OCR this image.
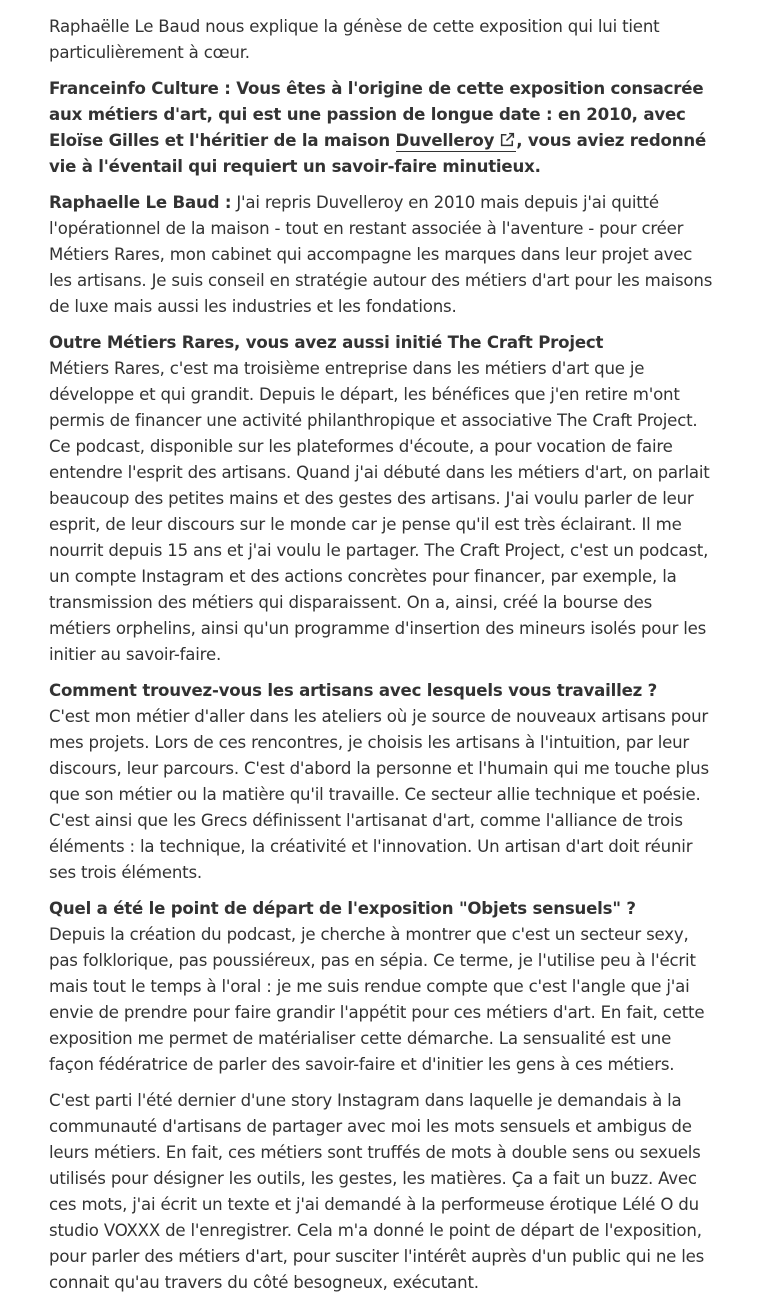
Raphaëlle Le Baud nous explique la génèse de cette exposition qui lui tient particulièrement à cœur.

Franceinfo Culture : Vous êtes à l'origine de cette exposition consacrée aux métiers d'art, qui est une passion de longue date : en 2010, avec Eloïse Gilles et l'héritier de la maison Duvelleroy , vous aviez redonné vie à l'éventail qui requiert un savoir-faire minutieux.

Raphaelle Le Baud : J'ai repris Duvelleroy en 2010 mais depuis j'ai quitté l'opérationnel de la maison - tout en restant associée à l'aventure - pour créer Métiers Rares, mon cabinet qui accompagne les marques dans leur projet avec les artisans. Je suis conseil en stratégie autour des métiers d'art pour les maisons de luxe mais aussi les industries et les fondations.

Outre Métiers Rares, vous avez aussi initié The Craft Project
Métiers Rares, c'est ma troisième entreprise dans les métiers d'art que je développe et qui grandit. Depuis le départ, les bénéfices que j'en retire m'ont permis de financer une activité philanthropique et associative The Craft Project. Ce podcast, disponible sur les plateformes d'écoute, a pour vocation de faire entendre l'esprit des artisans. Quand j'ai débuté dans les métiers d'art, on parlait beaucoup des petites mains et des gestes des artisans. J'ai voulu parler de leur esprit, de leur discours sur le monde car je pense qu'il est très éclairant. Il me nourrit depuis 15 ans et j'ai voulu le partager. The Craft Project, c'est un podcast, un compte Instagram et des actions concrètes pour financer, par exemple, la transmission des métiers qui disparaissent. On a, ainsi, créé la bourse des métiers orphelins, ainsi qu'un programme d'insertion des mineurs isolés pour les initier au savoir-faire.

Comment trouvez-vous les artisans avec lesquels vous travaillez ?
C'est mon métier d'aller dans les ateliers où je source de nouveaux artisans pour mes projets. Lors de ces rencontres, je choisis les artisans à l'intuition, par leur discours, leur parcours. C'est d'abord la personne et l'humain qui me touche plus que son métier ou la matière qu'il travaille. Ce secteur allie technique et poésie. C'est ainsi que les Grecs définissent l'artisanat d'art, comme l'alliance de trois éléments : la technique, la créativité et l'innovation. Un artisan d'art doit réunir ses trois éléments.

Quel a été le point de départ de l'exposition "Objets sensuels" ?
Depuis la création du podcast, je cherche à montrer que c'est un secteur sexy, pas folklorique, pas poussiéreux, pas en sépia. Ce terme, je l'utilise peu à l'écrit mais tout le temps à l'oral : je me suis rendue compte que c'est l'angle que j'ai envie de prendre pour faire grandir l'appétit pour ces métiers d'art. En fait, cette exposition me permet de matérialiser cette démarche. La sensualité est une façon fédératrice de parler des savoir-faire et d'initier les gens à ces métiers.

C'est parti l'été dernier d'une story Instagram dans laquelle je demandais à la communauté d'artisans de partager avec moi les mots sensuels et ambigus de leurs métiers. En fait, ces métiers sont truffés de mots à double sens ou sexuels utilisés pour désigner les outils, les gestes, les matières. Ça a fait un buzz. Avec ces mots, j'ai écrit un texte et j'ai demandé à la performeuse érotique Lélé O du studio VOXXX de l'enregistrer. Cela m'a donné le point de départ de l'exposition, pour parler des métiers d'art, pour susciter l'intérêt auprès d'un public qui ne les connait qu'au travers du côté besogneux, exécutant.
